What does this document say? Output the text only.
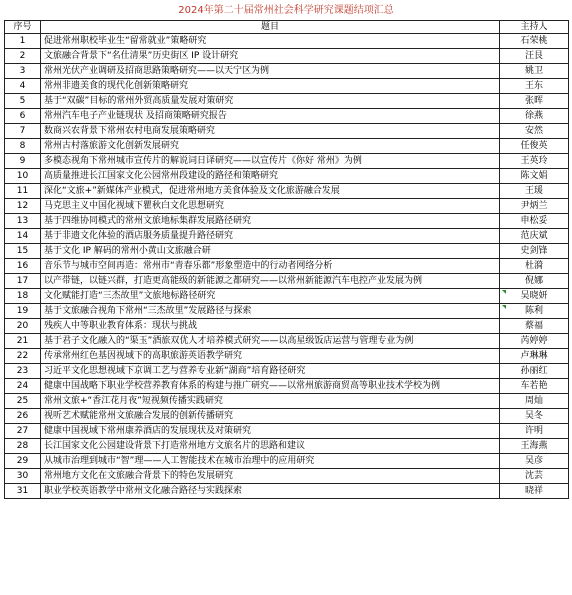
2024年第二十届常州社会科学研究课题结项汇总
序号	题目	主持人
1	促进常州职校毕业生“留常就业”策略研究	石荣桃
2	文旅融合背景下“名仕清果”历史街区 IP 设计研究	汪艮
3	常州光伏产业调研及招商思路策略研究——以天宁区为例	姚卫
4	常州非遗美食的现代化创新策略研究	王东
5	基于“双碳”目标的常州外贸高质量发展对策研究	张晖
6	常州汽车电子产业链现状 及招商策略研究报告	徐燕
7	数商兴农背景下常州农村电商发展策略研究	安然
8	常州古村落旅游文化创新发展研究	任俊英
9	多模态视角下常州城市宣传片的解说词日译研究——以宣传片《你好 常州》为例	王英玲
10	高质量推进长江国家文化公园常州段建设的路径和策略研究	陈文娟
11	深化“文旅+”新媒体产业模式，促进常州地方美食体验及文化旅游融合发展	王瑗
12	马克思主义中国化视域下瞿秋白文化思想研究	尹炳兰
13	基于四维协同模式的常州文旅地标集群发展路径研究	申松妥
14	基于非遗文化体验的酒店服务质量提升路径研究	范庆斌
15	基于文化 IP 解码的常州小黄山文旅融合研	史剑锋
16	音乐节与城市空间再造：常州市“青春乐都”形象塑造中的行动者网络分析	杜漪
17	以产带链，以链兴群，打造更高能级的新能源之都研究——以常州新能源汽车电控产业发展为例	倪娜
18	文化赋能打造“三杰故里”文旅地标路径研究	吴晓妍
19	基于文旅融合视角下常州“三杰故里”发展路径与探索	陈利
20	残疾人中等职业教育体系：现状与挑战	蔡福
21	基于君子文化融入的“渠玉”酒旅双优人才培养模式研究——以高星级饭店运营与管理专业为例	芮婷婷
22	传承常州红色基因视域下的高职旅游英语教学研究	卢琳琳
23	习近平文化思想视域下京调工艺与营养专业新“湖商”培育路径研究	孙丽红
24	健康中国战略下职业学校营养教育体系的构建与推广研究——以常州旅游商贸高等职业技术学校为例	车若艳
25	常州文旅+“香江花月夜”短视频传播实践研究	周灿
26	视听艺术赋能常州文旅融合发展的创新传播研究	吴冬
27	健康中国视域下常州康养酒店的发展现状及对策研究	许明
28	长江国家文化公园建设背景下打造常州地方文旅名片的思路和建议	王海燕
29	从城市治理到城市“智”理——人工智能技术在城市治理中的应用研究	吴彦
30	常州地方文化在文旅融合背景下的特色发展研究	沈芸
31	职业学校英语教学中常州文化融合路径与实践探索	晓祥
